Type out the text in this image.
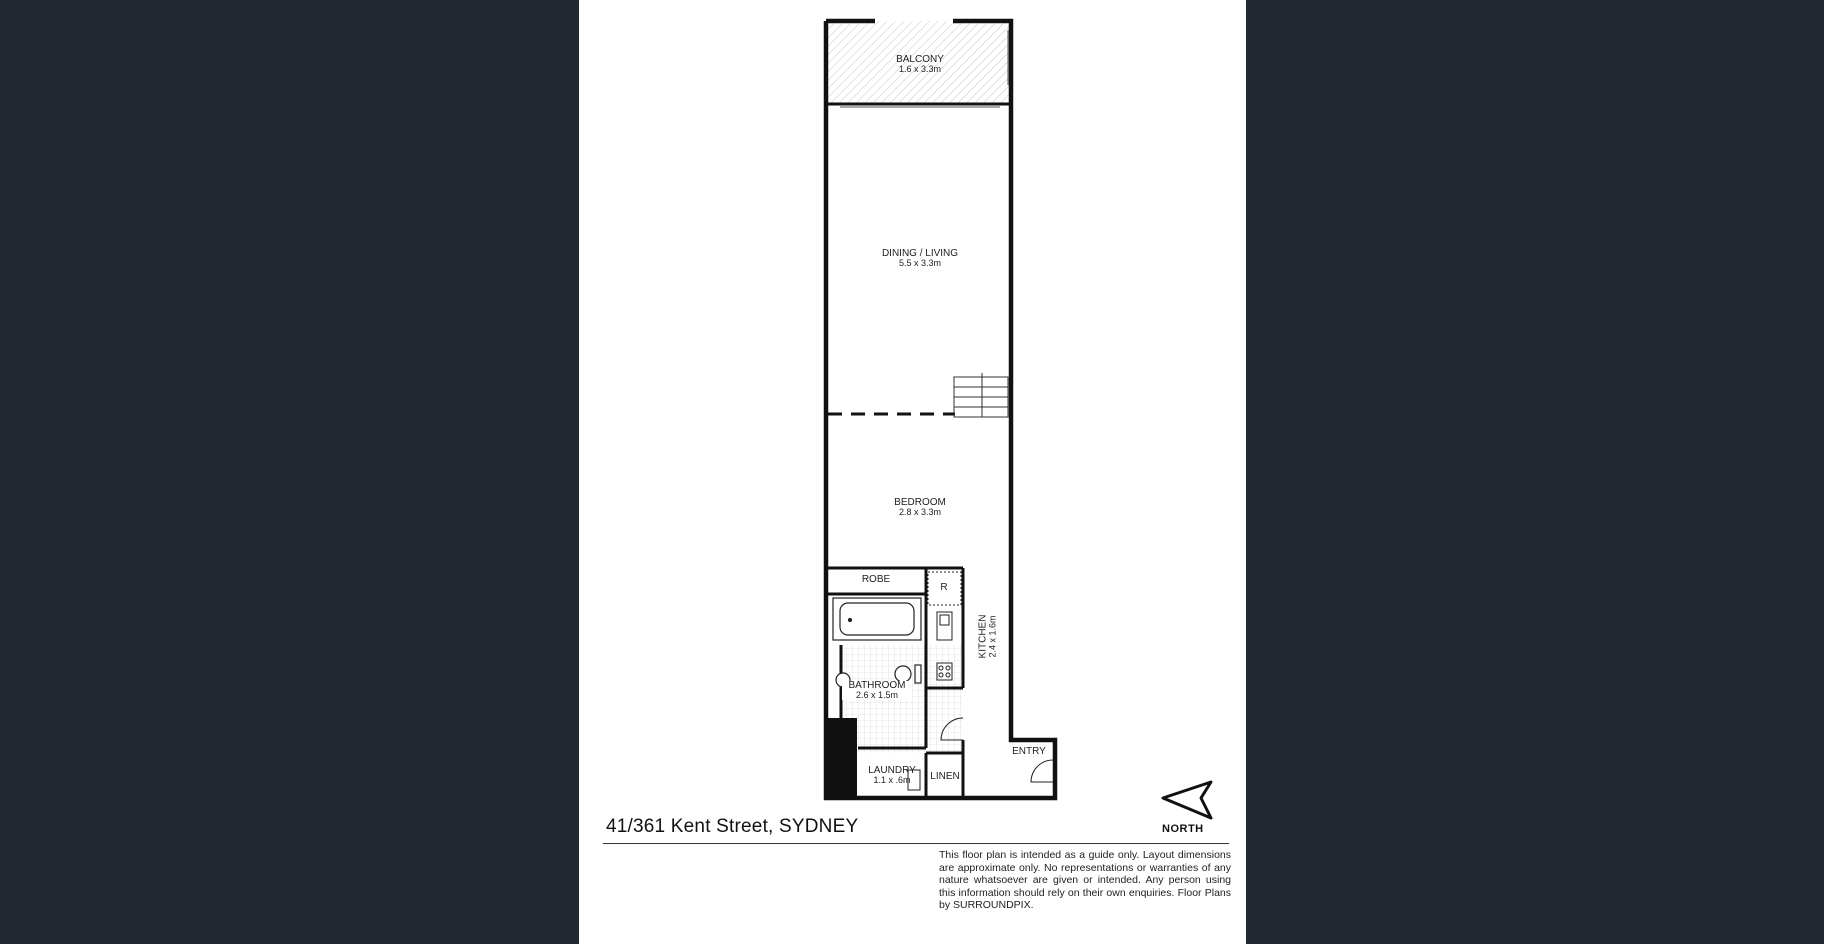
BALCONY
1.6 x 3.3m
DINING / LIVING
5.5 x 3.3m
BEDROOM
2.8 x 3.3m
ROBE
R
KITCHEN 2.4 x 1.6m
BATHROOM
2.6 x 1.5m
LAUNDRY
1.1 x .6m	LINEN
ENTRY
41/361 Kent Street, SYDNEY
This floor plan is intended as a guide only. Layout dimensions are approximate only. No representations or warranties of any nature whatsoever are given or intended. Any person using this information should rely on their own enquiries. Floor Plans by SURROUNDPIX.
NORTH
